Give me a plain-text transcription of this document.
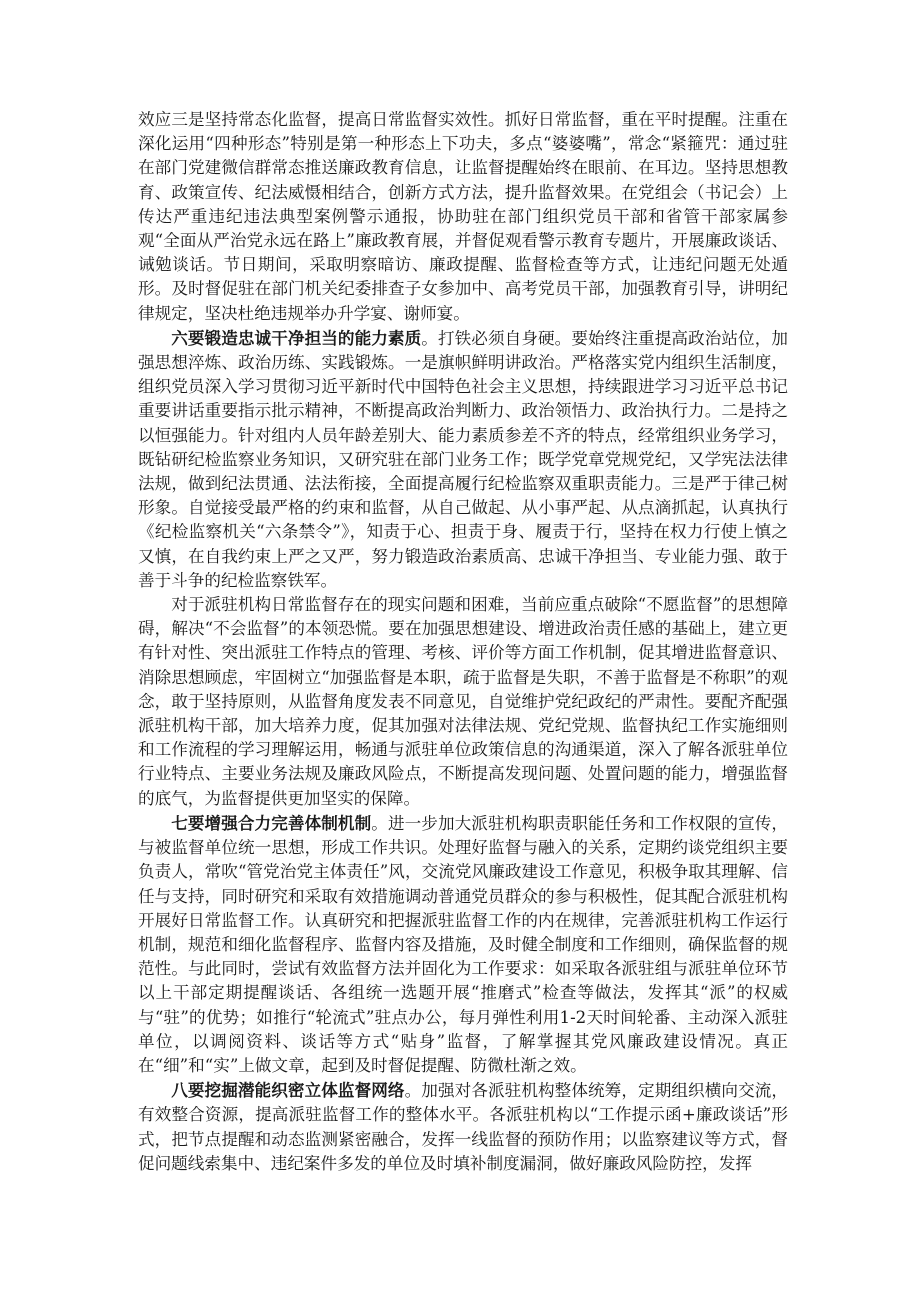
效应三是坚持常态化监督，提高日常监督实效性。抓好日常监督，重在平时提醒。注重在深化运用“四种形态”特别是第一种形态上下功夫，多点“婆婆嘴”，常念“紧箍咒：通过驻在部门党建微信群常态推送廉政教育信息，让监督提醒始终在眼前、在耳边。坚持思想教育、政策宣传、纪法威慑相结合，创新方式方法，提升监督效果。在党组会（书记会）上传达严重违纪违法典型案例警示通报，协助驻在部门组织党员干部和省管干部家属参观“全面从严治党永远在路上”廉政教育展，并督促观看警示教育专题片，开展廉政谈话、诫勉谈话。节日期间，采取明察暗访、廉政提醒、监督检查等方式，让违纪问题无处遁形。及时督促驻在部门机关纪委排查子女参加中、高考党员干部，加强教育引导，讲明纪律规定，坚决杜绝违规举办升学宴、谢师宴。

六要锻造忠诚干净担当的能力素质。打铁必须自身硬。要始终注重提高政治站位，加强思想淬炼、政治历练、实践锻炼。一是旗帜鲜明讲政治。严格落实党内组织生活制度，组织党员深入学习贯彻习近平新时代中国特色社会主义思想，持续跟进学习习近平总书记重要讲话重要指示批示精神，不断提高政治判断力、政治领悟力、政治执行力。二是持之以恒强能力。针对组内人员年龄差别大、能力素质参差不齐的特点，经常组织业务学习，既钻研纪检监察业务知识，又研究驻在部门业务工作；既学党章党规党纪，又学宪法法律法规，做到纪法贯通、法法衔接，全面提高履行纪检监察双重职责能力。三是严于律己树形象。自觉接受最严格的约束和监督，从自己做起、从小事严起、从点滴抓起，认真执行《纪检监察机关“六条禁令”》，知责于心、担责于身、履责于行，坚持在权力行使上慎之又慎，在自我约束上严之又严，努力锻造政治素质高、忠诚干净担当、专业能力强、敢于善于斗争的纪检监察铁军。

对于派驻机构日常监督存在的现实问题和困难，当前应重点破除“不愿监督”的思想障碍，解决“不会监督”的本领恐慌。要在加强思想建设、增进政治责任感的基础上，建立更有针对性、突出派驻工作特点的管理、考核、评价等方面工作机制，促其增进监督意识、消除思想顾虑，牢固树立“加强监督是本职，疏于监督是失职，不善于监督是不称职”的观念，敢于坚持原则，从监督角度发表不同意见，自觉维护党纪政纪的严肃性。要配齐配强派驻机构干部，加大培养力度，促其加强对法律法规、党纪党规、监督执纪工作实施细则和工作流程的学习理解运用，畅通与派驻单位政策信息的沟通渠道，深入了解各派驻单位行业特点、主要业务法规及廉政风险点，不断提高发现问题、处置问题的能力，增强监督的底气，为监督提供更加坚实的保障。

七要增强合力完善体制机制。进一步加大派驻机构职责职能任务和工作权限的宣传，与被监督单位统一思想，形成工作共识。处理好监督与融入的关系，定期约谈党组织主要负责人，常吹“管党治党主体责任”风，交流党风廉政建设工作意见，积极争取其理解、信任与支持，同时研究和采取有效措施调动普通党员群众的参与积极性，促其配合派驻机构开展好日常监督工作。认真研究和把握派驻监督工作的内在规律，完善派驻机构工作运行机制，规范和细化监督程序、监督内容及措施，及时健全制度和工作细则，确保监督的规范性。与此同时，尝试有效监督方法并固化为工作要求：如采取各派驻组与派驻单位环节以上干部定期提醒谈话、各组统一选题开展“推磨式”检查等做法，发挥其“派”的权威与“驻”的优势；如推行“轮流式”驻点办公，每月弹性利用1-2天时间轮番、主动深入派驻单位，以调阅资料、谈话等方式“贴身”监督，了解掌握其党风廉政建设情况。真正在“细”和“实”上做文章，起到及时督促提醒、防微杜渐之效。

八要挖掘潜能织密立体监督网络。加强对各派驻机构整体统筹，定期组织横向交流，有效整合资源，提高派驻监督工作的整体水平。各派驻机构以“工作提示函+廉政谈话”形式，把节点提醒和动态监测紧密融合，发挥一线监督的预防作用；以监察建议等方式，督促问题线索集中、违纪案件多发的单位及时填补制度漏洞，做好廉政风险防控，发挥
